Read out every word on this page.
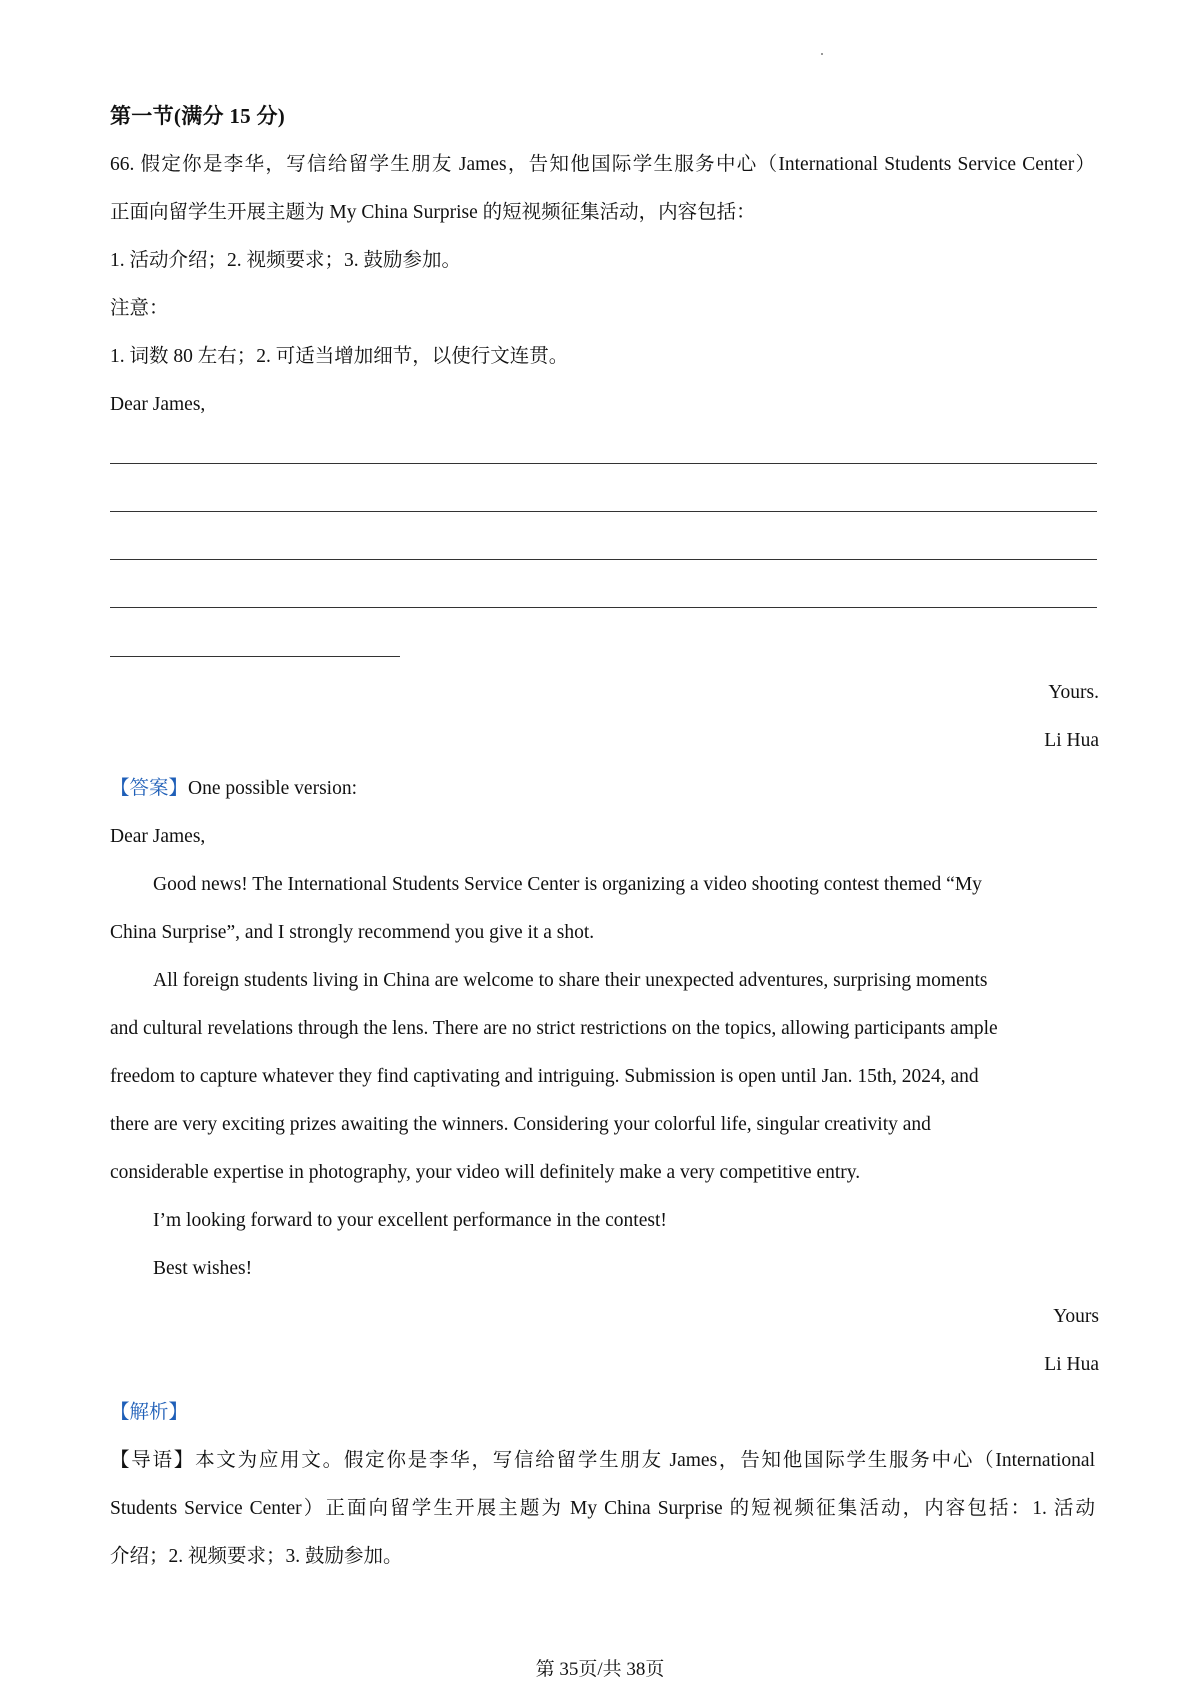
第一节(满分 15 分)
66. 假定你是李华，写信给留学生朋友 James，告知他国际学生服务中心（International Students Service Center）
正面向留学生开展主题为 My China Surprise 的短视频征集活动，内容包括：
1. 活动介绍；2. 视频要求；3. 鼓励参加。
注意：
1. 词数 80 左右；2. 可适当增加细节，以使行文连贯。
Dear James,
Yours.
Li Hua
【答案】One possible version:
Dear James,
Good news! The International Students Service Center is organizing a video shooting contest themed “My
China Surprise”, and I strongly recommend you give it a shot.
All foreign students living in China are welcome to share their unexpected adventures, surprising moments
and cultural revelations through the lens. There are no strict restrictions on the topics, allowing participants ample
freedom to capture whatever they find captivating and intriguing. Submission is open until Jan. 15th, 2024, and
there are very exciting prizes awaiting the winners. Considering your colorful life, singular creativity and
considerable expertise in photography, your video will definitely make a very competitive entry.
I’m looking forward to your excellent performance in the contest!
Best wishes!
Yours
Li Hua
【解析】
【导语】本文为应用文。假定你是李华，写信给留学生朋友 James，告知他国际学生服务中心（International
Students Service Center）正面向留学生开展主题为 My China Surprise 的短视频征集活动，内容包括：1. 活动
介绍；2. 视频要求；3. 鼓励参加。
第 35页/共 38页
